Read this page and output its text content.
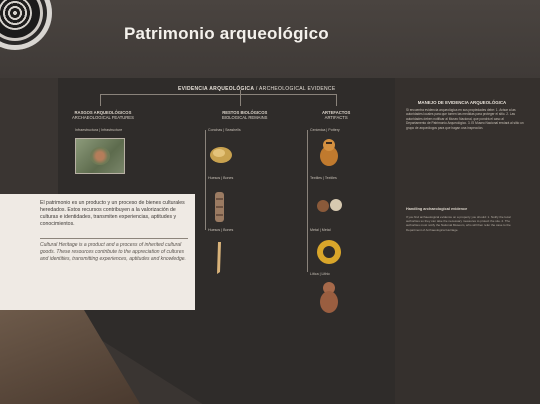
Patrimonio arqueológico
EVIDENCIA ARQUEOLÓGICA / ARCHEOLOGICAL EVIDENCE
RASGOS ARQUEOLÓGICOS
ARCHAEOLOGICAL FEATURES
RESTOS BIOLÓGICOS
BIOLOGICAL REMAINS
ARTEFACTOS
ARTIFACTS
Infraestructura | Infrastructure	Conchas | Seashells
Huesos | Bones
Huesos | Bones
Cerámica | Pottery
Textiles | Textiles
Metal | Metal
Lítica | Lithic
El patrimonio es un producto y un proceso de bienes culturales heredados. Estos recursos contribuyen a la valorización de culturas e identidades, transmiten experiencias, aptitudes y conocimientos.
Cultural Heritage is a product and a process of inherited cultural goods. These resources contribute to the appreciation of cultures and identities, transmitting experiences, aptitudes and knowledge.
MANEJO DE EVIDENCIA ARQUEOLÓGICA
Si encuentra evidencia arqueológica en sus propiedades debe: 1. Avisar a las autoridades locales para que tomen las medidas para proteger el sitio. 2. Las autoridades deben notificar al Museo Nacional, que pondrá el caso al Departamento de Patrimonio Arqueológico. 3. El Museo Nacional enviará al sitio un grupo de arqueólogos para que hagan una inspección.
Handling archaeological evidence
If you find archaeological evidence on a property you should: 1. Notify the local authorities so they can take the necessary measures to protect the site. 2. The authorities must notify the National Museum, who will then refer the case to the Department of Archaeological Heritage.
